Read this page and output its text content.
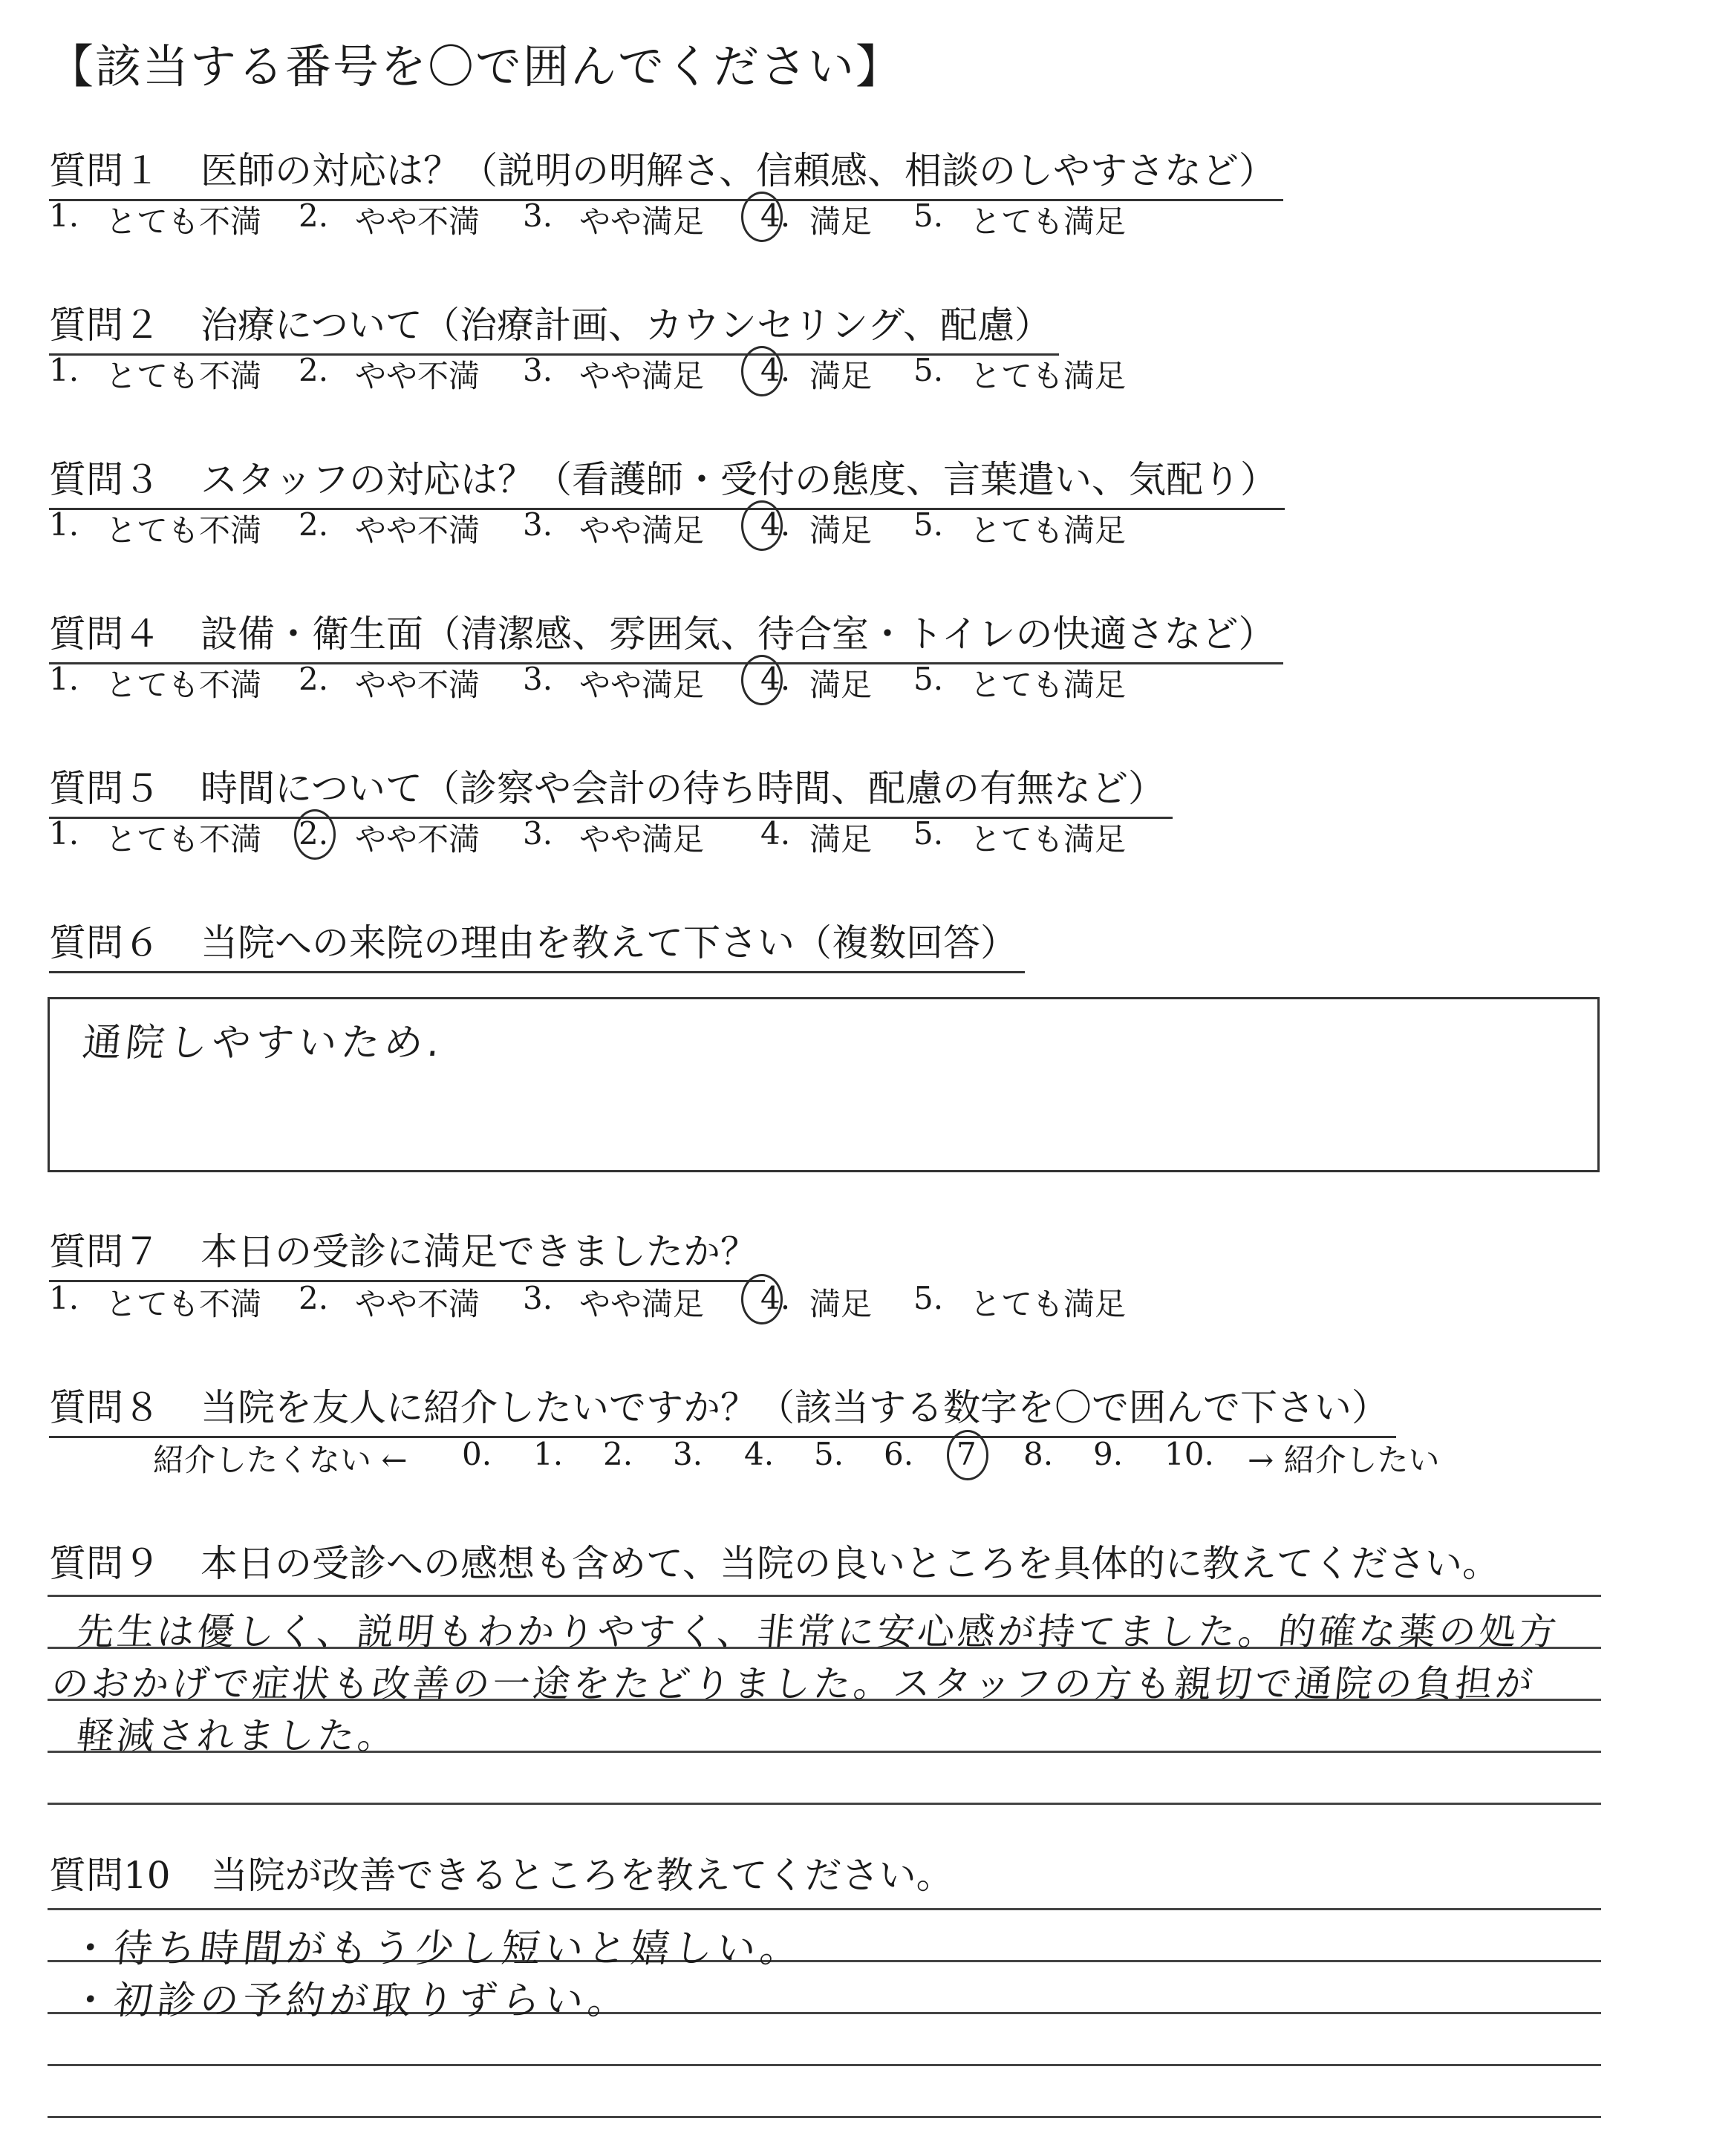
【該当する番号を〇で囲んでください】
質問１ 医師の対応は？（説明の明解さ、信頼感、相談のしやすさなど）
1. とても不満 2. やや不満 3. やや満足 4. 満足 5. とても満足
質問２ 治療について（治療計画、カウンセリング、配慮）
1. とても不満 2. やや不満 3. やや満足 4. 満足 5. とても満足
質問３ スタッフの対応は？（看護師・受付の態度、言葉遣い、気配り）
1. とても不満 2. やや不満 3. やや満足 4. 満足 5. とても満足
質問４ 設備・衛生面（清潔感、雰囲気、待合室・トイレの快適さなど）
1. とても不満 2. やや不満 3. やや満足 4. 満足 5. とても満足
質問５ 時間について（診察や会計の待ち時間、配慮の有無など）
1. とても不満 2. やや不満 3. やや満足 4. 満足 5. とても満足
質問６ 当院への来院の理由を教えて下さい（複数回答）
通院しやすいため.
質問７ 本日の受診に満足できましたか？
1. とても不満 2. やや不満 3. やや満足 4. 満足 5. とても満足
質問８ 当院を友人に紹介したいですか？（該当する数字を〇で囲んで下さい）
紹介したくない ← 0. 1. 2. 3. 4. 5. 6. 7 8. 9. 10. → 紹介したい
質問９ 本日の受診への感想も含めて、当院の良いところを具体的に教えてください。
先生は優しく、説明もわかりやすく、非常に安心感が持てました。的確な薬の処方
のおかげで症状も改善の一途をたどりました。スタッフの方も親切で通院の負担が
軽減されました。
質問10 当院が改善できるところを教えてください。
・待ち時間がもう少し短いと嬉しい。
・初診の予約が取りずらい。
